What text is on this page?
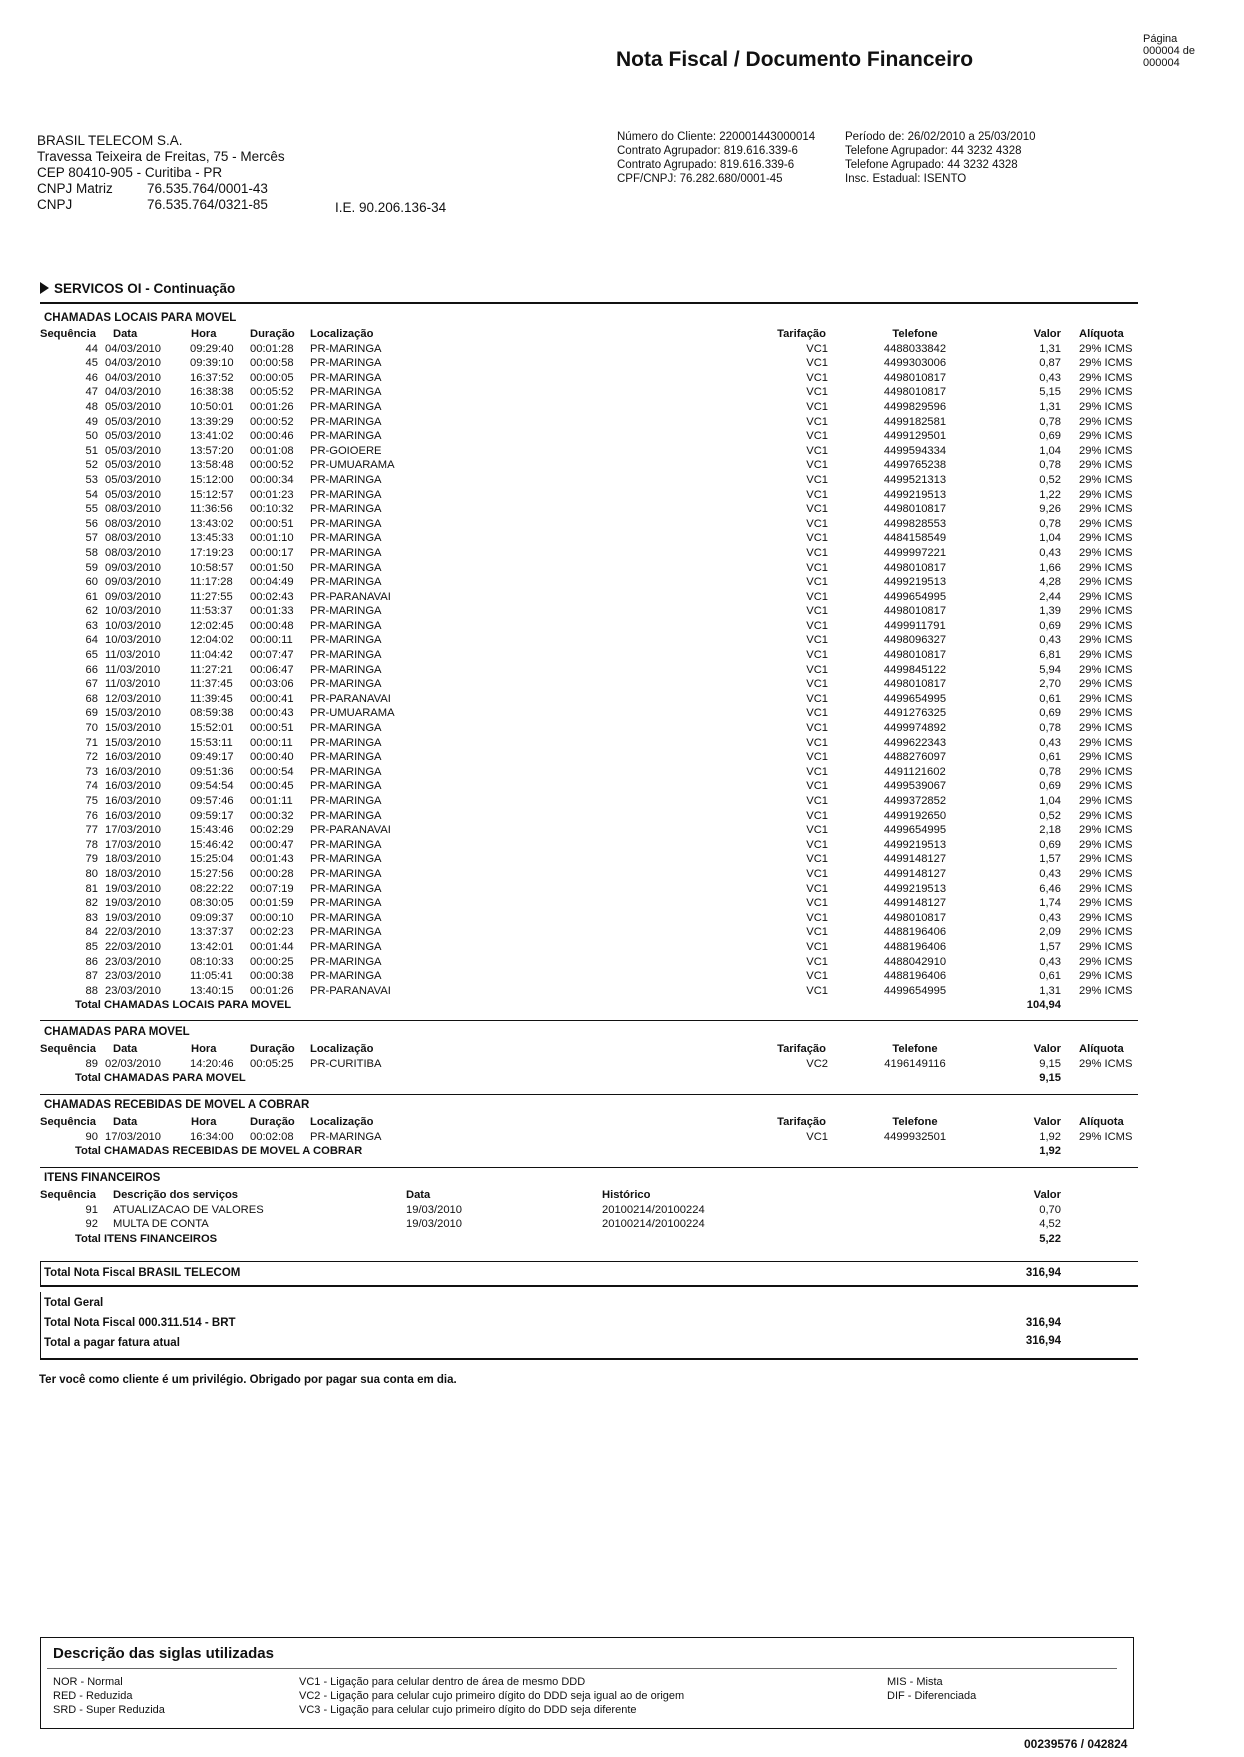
Nota Fiscal / Documento Financeiro
Página
000004 de 000004
BRASIL TELECOM S.A.
Travessa Teixeira de Freitas, 75 - Mercês
CEP 80410-905 - Curitiba - PR
CNPJ Matriz	76.535.764/0001-43
CNPJ	76.535.764/0321-85	I.E. 90.206.136-34
Número do Cliente: 220001443000014
Contrato Agrupador: 819.616.339-6
Contrato Agrupado: 819.616.339-6
CPF/CNPJ: 76.282.680/0001-45
Período de: 26/02/2010 a 25/03/2010
Telefone Agrupador: 44 3232 4328
Telefone Agrupado: 44 3232 4328
Insc. Estadual: ISENTO
SERVICOS OI - Continuação
CHAMADAS LOCAIS PARA MOVEL
Sequência Data	Hora	Duração Localização	Tarifação	Telefone	Valor Alíquota
44 04/03/2010	09:29:40 00:01:28 PR-MARINGA	VC1	4488033842	1,31 29% ICMS
45 04/03/2010	09:39:10 00:00:58 PR-MARINGA	VC1	4499303006	0,87 29% ICMS
46 04/03/2010	16:37:52 00:00:05 PR-MARINGA	VC1	4498010817	0,43 29% ICMS
47 04/03/2010	16:38:38 00:05:52 PR-MARINGA	VC1	4498010817	5,15 29% ICMS
48 05/03/2010	10:50:01 00:01:26 PR-MARINGA	VC1	4499829596	1,31 29% ICMS
49 05/03/2010	13:39:29 00:00:52 PR-MARINGA	VC1	4499182581	0,78 29% ICMS
50 05/03/2010	13:41:02 00:00:46 PR-MARINGA	VC1	4499129501	0,69 29% ICMS
51 05/03/2010	13:57:20 00:01:08 PR-GOIOERE	VC1	4499594334	1,04 29% ICMS
52 05/03/2010	13:58:48 00:00:52 PR-UMUARAMA	VC1	4499765238	0,78 29% ICMS
53 05/03/2010	15:12:00 00:00:34 PR-MARINGA	VC1	4499521313	0,52 29% ICMS
54 05/03/2010	15:12:57 00:01:23 PR-MARINGA	VC1	4499219513	1,22 29% ICMS
55 08/03/2010	11:36:56 00:10:32 PR-MARINGA	VC1	4498010817	9,26 29% ICMS
56 08/03/2010	13:43:02 00:00:51 PR-MARINGA	VC1	4499828553	0,78 29% ICMS
57 08/03/2010	13:45:33 00:01:10 PR-MARINGA	VC1	4484158549	1,04 29% ICMS
58 08/03/2010	17:19:23 00:00:17 PR-MARINGA	VC1	4499997221	0,43 29% ICMS
59 09/03/2010	10:58:57 00:01:50 PR-MARINGA	VC1	4498010817	1,66 29% ICMS
60 09/03/2010	11:17:28 00:04:49 PR-MARINGA	VC1	4499219513	4,28 29% ICMS
61 09/03/2010	11:27:55 00:02:43 PR-PARANAVAI	VC1	4499654995	2,44 29% ICMS
62 10/03/2010	11:53:37 00:01:33 PR-MARINGA	VC1	4498010817	1,39 29% ICMS
63 10/03/2010	12:02:45 00:00:48 PR-MARINGA	VC1	4499911791	0,69 29% ICMS
64 10/03/2010	12:04:02 00:00:11 PR-MARINGA	VC1	4498096327	0,43 29% ICMS
65 11/03/2010	11:04:42 00:07:47 PR-MARINGA	VC1	4498010817	6,81 29% ICMS
66 11/03/2010	11:27:21 00:06:47 PR-MARINGA	VC1	4499845122	5,94 29% ICMS
67 11/03/2010	11:37:45 00:03:06 PR-MARINGA	VC1	4498010817	2,70 29% ICMS
68 12/03/2010	11:39:45 00:00:41 PR-PARANAVAI	VC1	4499654995	0,61 29% ICMS
69 15/03/2010	08:59:38 00:00:43 PR-UMUARAMA	VC1	4491276325	0,69 29% ICMS
70 15/03/2010	15:52:01 00:00:51 PR-MARINGA	VC1	4499974892	0,78 29% ICMS
71 15/03/2010	15:53:11 00:00:11 PR-MARINGA	VC1	4499622343	0,43 29% ICMS
72 16/03/2010	09:49:17 00:00:40 PR-MARINGA	VC1	4488276097	0,61 29% ICMS
73 16/03/2010	09:51:36 00:00:54 PR-MARINGA	VC1	4491121602	0,78 29% ICMS
74 16/03/2010	09:54:54 00:00:45 PR-MARINGA	VC1	4499539067	0,69 29% ICMS
75 16/03/2010	09:57:46 00:01:11 PR-MARINGA	VC1	4499372852	1,04 29% ICMS
76 16/03/2010	09:59:17 00:00:32 PR-MARINGA	VC1	4499192650	0,52 29% ICMS
77 17/03/2010	15:43:46 00:02:29 PR-PARANAVAI	VC1	4499654995	2,18 29% ICMS
78 17/03/2010	15:46:42 00:00:47 PR-MARINGA	VC1	4499219513	0,69 29% ICMS
79 18/03/2010	15:25:04 00:01:43 PR-MARINGA	VC1	4499148127	1,57 29% ICMS
80 18/03/2010	15:27:56 00:00:28 PR-MARINGA	VC1	4499148127	0,43 29% ICMS
81 19/03/2010	08:22:22 00:07:19 PR-MARINGA	VC1	4499219513	6,46 29% ICMS
82 19/03/2010	08:30:05 00:01:59 PR-MARINGA	VC1	4499148127	1,74 29% ICMS
83 19/03/2010	09:09:37 00:00:10 PR-MARINGA	VC1	4498010817	0,43 29% ICMS
84 22/03/2010	13:37:37 00:02:23 PR-MARINGA	VC1	4488196406	2,09 29% ICMS
85 22/03/2010	13:42:01 00:01:44 PR-MARINGA	VC1	4488196406	1,57 29% ICMS
86 23/03/2010	08:10:33 00:00:25 PR-MARINGA	VC1	4488042910	0,43 29% ICMS
87 23/03/2010	11:05:41 00:00:38 PR-MARINGA	VC1	4488196406	0,61 29% ICMS
88 23/03/2010	13:40:15 00:01:26 PR-PARANAVAI	VC1	4499654995	1,31 29% ICMS
Total CHAMADAS LOCAIS PARA MOVEL	104,94
CHAMADAS PARA MOVEL
Sequência Data	Hora	Duração Localização	Tarifação	Telefone	Valor Alíquota
89 02/03/2010	14:20:46 00:05:25 PR-CURITIBA	VC2	4196149116	9,15 29% ICMS
Total CHAMADAS PARA MOVEL	9,15
CHAMADAS RECEBIDAS DE MOVEL A COBRAR
Sequência Data	Hora	Duração Localização	Tarifação	Telefone	Valor Alíquota
90 17/03/2010	16:34:00 00:02:08 PR-MARINGA	VC1	4499932501	1,92 29% ICMS
Total CHAMADAS RECEBIDAS DE MOVEL A COBRAR	1,92
ITENS FINANCEIROS
Sequência Descrição dos serviços	Data	Histórico	Valor
91 ATUALIZACAO DE VALORES	19/03/2010	20100214/20100224	0,70
92 MULTA DE CONTA	19/03/2010	20100214/20100224	4,52
Total ITENS FINANCEIROS	5,22
Total Nota Fiscal BRASIL TELECOM	316,94
Total Geral
Total Nota Fiscal 000.311.514 - BRT	316,94
Total a pagar fatura atual	316,94
Ter você como cliente é um privilégio. Obrigado por pagar sua conta em dia.
Descrição das siglas utilizadas
NOR - Normal
RED - Reduzida
SRD - Super Reduzida
VC1 - Ligação para celular dentro de área de mesmo DDD
VC2 - Ligação para celular cujo primeiro dígito do DDD seja igual ao de origem
VC3 - Ligação para celular cujo primeiro dígito do DDD seja diferente
MIS - Mista
DIF - Diferenciada
00239576 / 042824
